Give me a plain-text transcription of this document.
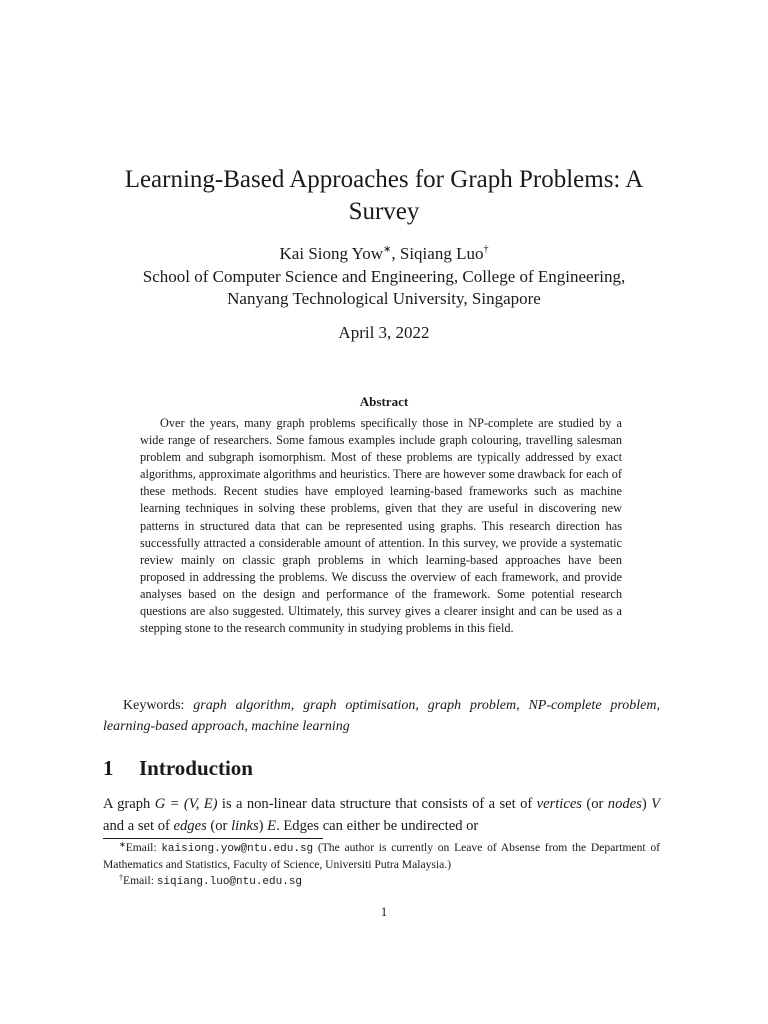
Learning-Based Approaches for Graph Problems: A Survey
Kai Siong Yow∗, Siqiang Luo†
School of Computer Science and Engineering, College of Engineering,
Nanyang Technological University, Singapore
April 3, 2022
Abstract

Over the years, many graph problems specifically those in NP-complete are studied by a wide range of researchers. Some famous examples include graph colouring, travelling salesman problem and subgraph isomorphism. Most of these problems are typically addressed by exact algorithms, approximate algorithms and heuristics. There are however some drawback for each of these methods. Recent studies have employed learning-based frameworks such as machine learning techniques in solving these problems, given that they are useful in discovering new patterns in structured data that can be represented using graphs. This research direction has successfully attracted a considerable amount of attention. In this survey, we provide a systematic review mainly on classic graph problems in which learning-based approaches have been proposed in addressing the problems. We discuss the overview of each framework, and provide analyses based on the design and performance of the framework. Some potential research questions are also suggested. Ultimately, this survey gives a clearer insight and can be used as a stepping stone to the research community in studying problems in this field.

Keywords: graph algorithm, graph optimisation, graph problem, NP-complete problem, learning-based approach, machine learning

1 Introduction

A graph G = (V, E) is a non-linear data structure that consists of a set of vertices (or nodes) V and a set of edges (or links) E. Edges can either be undirected or

∗Email: kaisiong.yow@ntu.edu.sg (The author is currently on Leave of Absense from the Department of Mathematics and Statistics, Faculty of Science, Universiti Putra Malaysia.)

†Email: siqiang.luo@ntu.edu.sg

1
